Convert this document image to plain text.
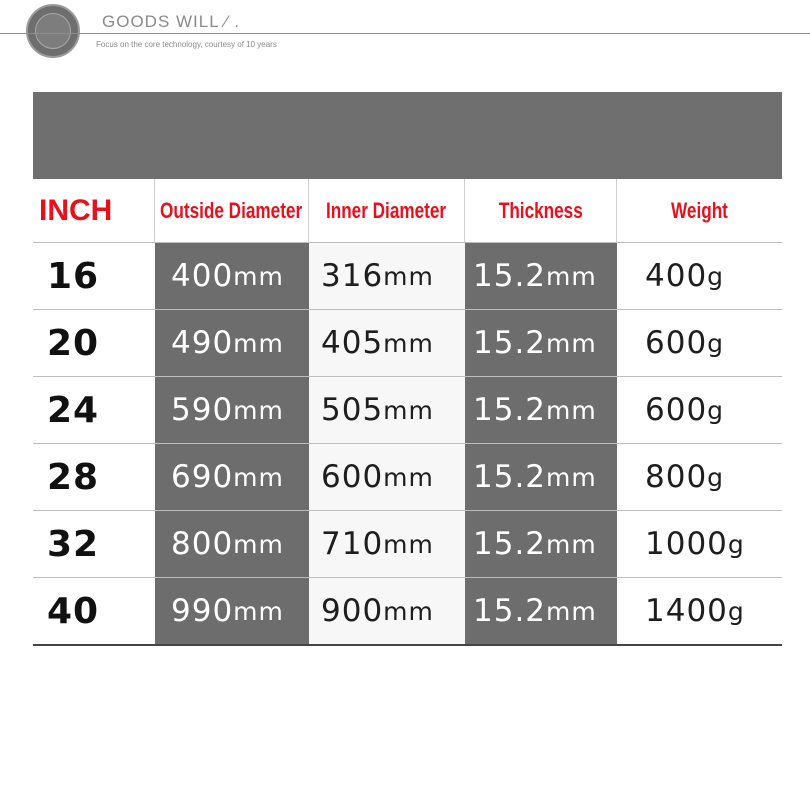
GOODS WILL ⁄ .
Focus on the core technology, courtesy of 10 years
INCH	Outside Diameter Inner Diameter Thickness	Weight
16 400 mm 316 mm 15.2 mm 400 g
20 490 mm 405 mm 15.2 mm 600 g
24 590 mm 505 mm 15.2 mm 600 g
28 690 mm 600 mm 15.2 mm 800 g
32 800 mm 710 mm 15.2 mm 1000 g
40 990 mm 900 mm 15.2 mm 1400 g
